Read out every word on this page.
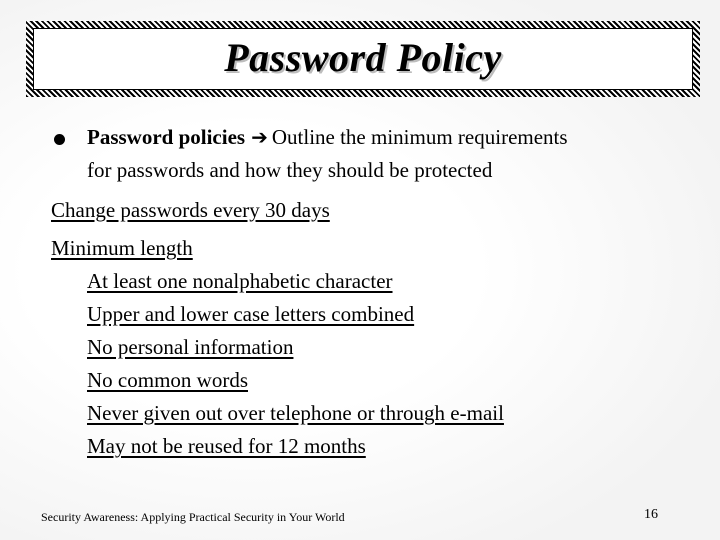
Password Policy
Password policies ➔ Outline the minimum requirements
for passwords and how they should be protected
Change passwords every 30 days
Minimum length
At least one nonalphabetic character
Upper and lower case letters combined
No personal information
No common words
Never given out over telephone or through e-mail
May not be reused for 12 months
Security Awareness: Applying Practical Security in Your World	16
